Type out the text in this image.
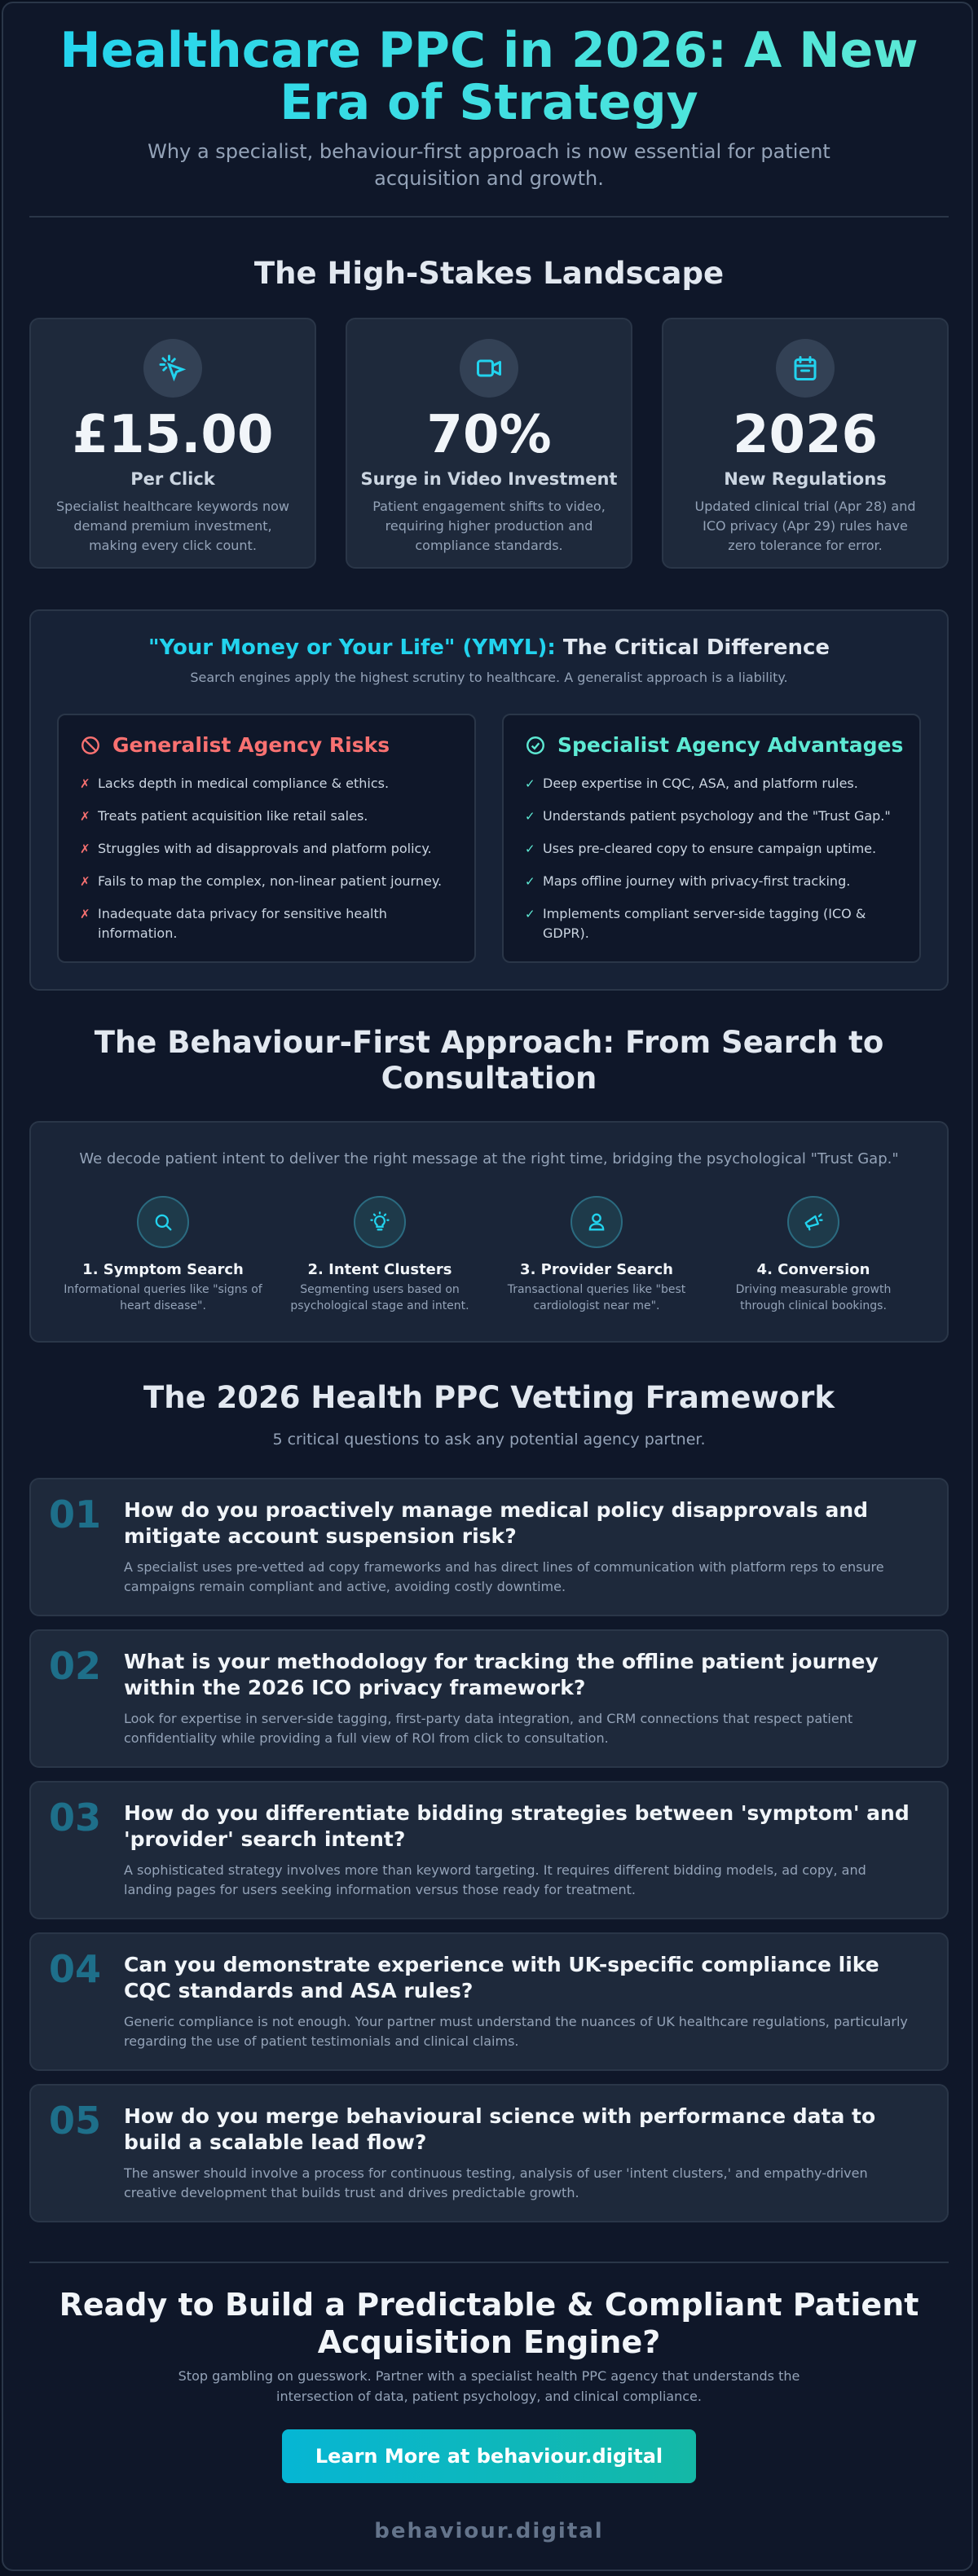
Healthcare PPC in 2026: A New Era of Strategy
Why a specialist, behaviour-first approach is now essential for patient acquisition and growth.
The High-Stakes Landscape
£15.00
Per Click
Specialist healthcare keywords now demand premium investment, making every click count.
70%
Surge in Video Investment
Patient engagement shifts to video, requiring higher production and compliance standards.
2026
New Regulations
Updated clinical trial (Apr 28) and ICO privacy (Apr 29) rules have zero tolerance for error.
"Your Money or Your Life" (YMYL): The Critical Difference
Search engines apply the highest scrutiny to healthcare. A generalist approach is a liability.
Generalist Agency Risks
✗ Lacks depth in medical compliance & ethics.
✗ Treats patient acquisition like retail sales.
✗ Struggles with ad disapprovals and platform policy.
✗ Fails to map the complex, non-linear patient journey.
✗ Inadequate data privacy for sensitive health information.
Specialist Agency Advantages
✓ Deep expertise in CQC, ASA, and platform rules.
✓ Understands patient psychology and the "Trust Gap."
✓ Uses pre-cleared copy to ensure campaign uptime.
✓ Maps offline journey with privacy-first tracking.
✓ Implements compliant server-side tagging (ICO & GDPR).
The Behaviour-First Approach: From Search to Consultation
We decode patient intent to deliver the right message at the right time, bridging the psychological "Trust Gap."
1. Symptom Search
Informational queries like "signs of heart disease".
2. Intent Clusters
Segmenting users based on psychological stage and intent.
3. Provider Search
Transactional queries like "best cardiologist near me".
4. Conversion
Driving measurable growth through clinical bookings.
The 2026 Health PPC Vetting Framework
5 critical questions to ask any potential agency partner.
01 How do you proactively manage medical policy disapprovals and mitigate account suspension risk?
A specialist uses pre-vetted ad copy frameworks and has direct lines of communication with platform reps to ensure campaigns remain compliant and active, avoiding costly downtime.
02 What is your methodology for tracking the offline patient journey within the 2026 ICO privacy framework?
Look for expertise in server-side tagging, first-party data integration, and CRM connections that respect patient confidentiality while providing a full view of ROI from click to consultation.
03 How do you differentiate bidding strategies between 'symptom' and 'provider' search intent?
A sophisticated strategy involves more than keyword targeting. It requires different bidding models, ad copy, and landing pages for users seeking information versus those ready for treatment.
04 Can you demonstrate experience with UK-specific compliance like CQC standards and ASA rules?
Generic compliance is not enough. Your partner must understand the nuances of UK healthcare regulations, particularly regarding the use of patient testimonials and clinical claims.
05 How do you merge behavioural science with performance data to build a scalable lead flow?
The answer should involve a process for continuous testing, analysis of user 'intent clusters,' and empathy-driven creative development that builds trust and drives predictable growth.
Ready to Build a Predictable & Compliant Patient Acquisition Engine?
Stop gambling on guesswork. Partner with a specialist health PPC agency that understands the intersection of data, patient psychology, and clinical compliance.
Learn More at behaviour.digital
behaviour.digital
